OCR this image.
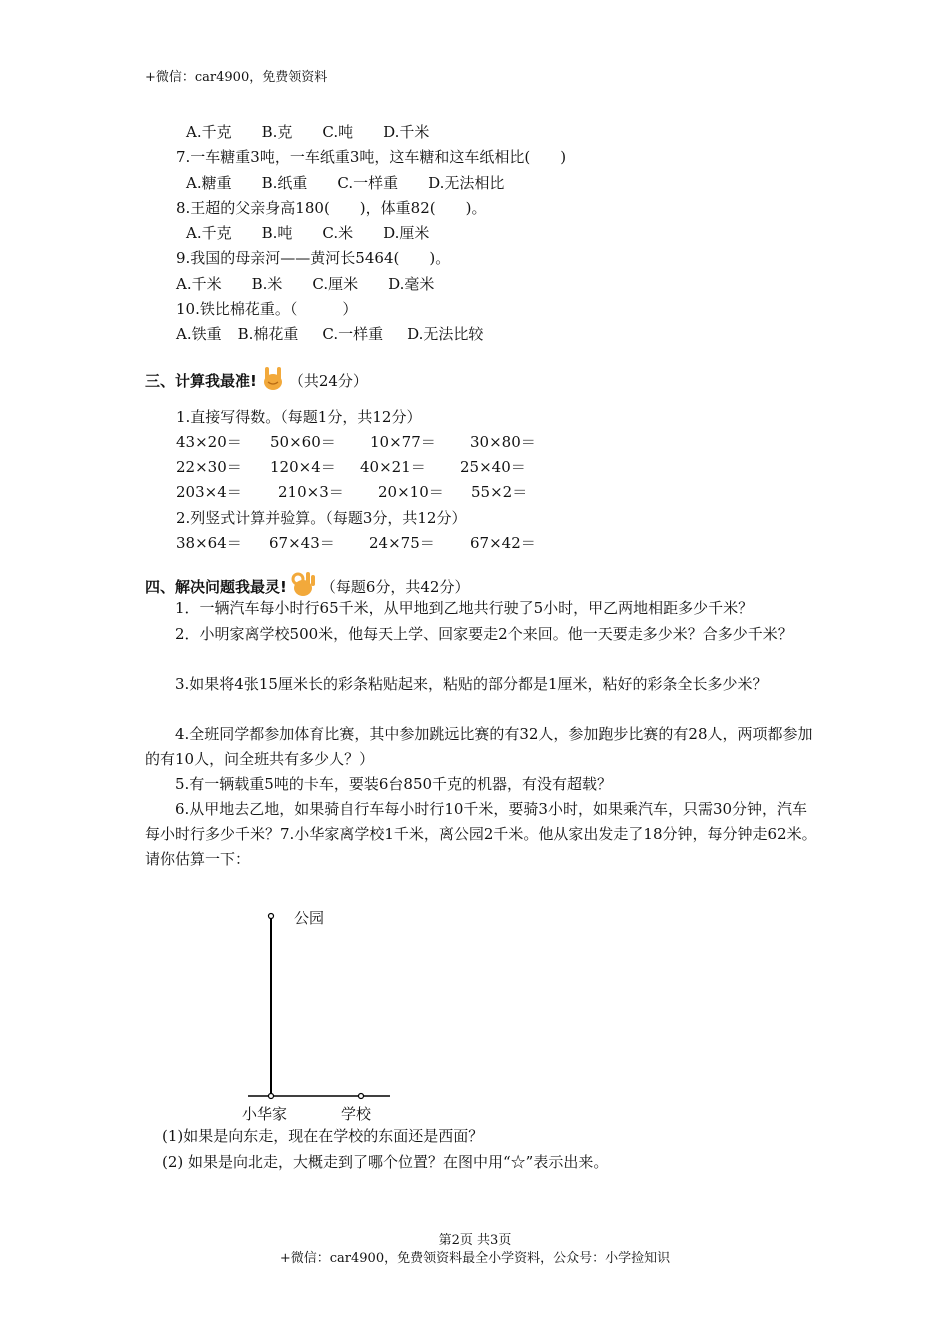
+微信：car4900，免费领资料
A.千克 B.克 C.吨 D.千米
7.一车糖重3吨，一车纸重3吨，这车糖和这车纸相比(　　)
A.糖重 B.纸重 C.一样重 D.无法相比
8.王超的父亲身高180(　　)，体重82(　　)。
A.千克 B.吨 C.米 D.厘米
9.我国的母亲河——黄河长5464(　　)。
A.千米 B.米 C.厘米 D.毫米
10.铁比棉花重。（　　　）
A.铁重 B.棉花重 C.一样重 D.无法比较
三、计算我最准! （共24分）
1.直接写得数。（每题1分，共12分）
43×20＝ 50×60＝ 10×77＝ 30×80＝
22×30＝ 120×4＝ 40×21＝ 25×40＝
203×4＝ 210×3＝ 20×10＝ 55×2＝
2.列竖式计算并验算。（每题3分，共12分）
38×64＝ 67×43＝ 24×75＝ 67×42＝
四、解决问题我最灵! （每题6分，共42分）
1．一辆汽车每小时行65千米，从甲地到乙地共行驶了5小时，甲乙两地相距多少千米？
2．小明家离学校500米，他每天上学、回家要走2个来回。他一天要走多少米？合多少千米？
3.如果将4张15厘米长的彩条粘贴起来，粘贴的部分都是1厘米，粘好的彩条全长多少米？
4.全班同学都参加体育比赛，其中参加跳远比赛的有32人，参加跑步比赛的有28人，两项都参加的有10人，问全班共有多少人？）
5.有一辆载重5吨的卡车，要装6台850千克的机器，有没有超载？
6.从甲地去乙地，如果骑自行车每小时行10千米，要骑3小时，如果乘汽车，只需30分钟，汽车每小时行多少千米？7.小华家离学校1千米，离公园2千米。他从家出发走了18分钟，每分钟走62米。请你估算一下：
公园
小华家	学校
(1)如果是向东走，现在在学校的东面还是西面？
(2) 如果是向北走，大概走到了哪个位置？在图中用“☆”表示出来。
第2页 共3页
+微信：car4900，免费领资料最全小学资料，公众号：小学捡知识
